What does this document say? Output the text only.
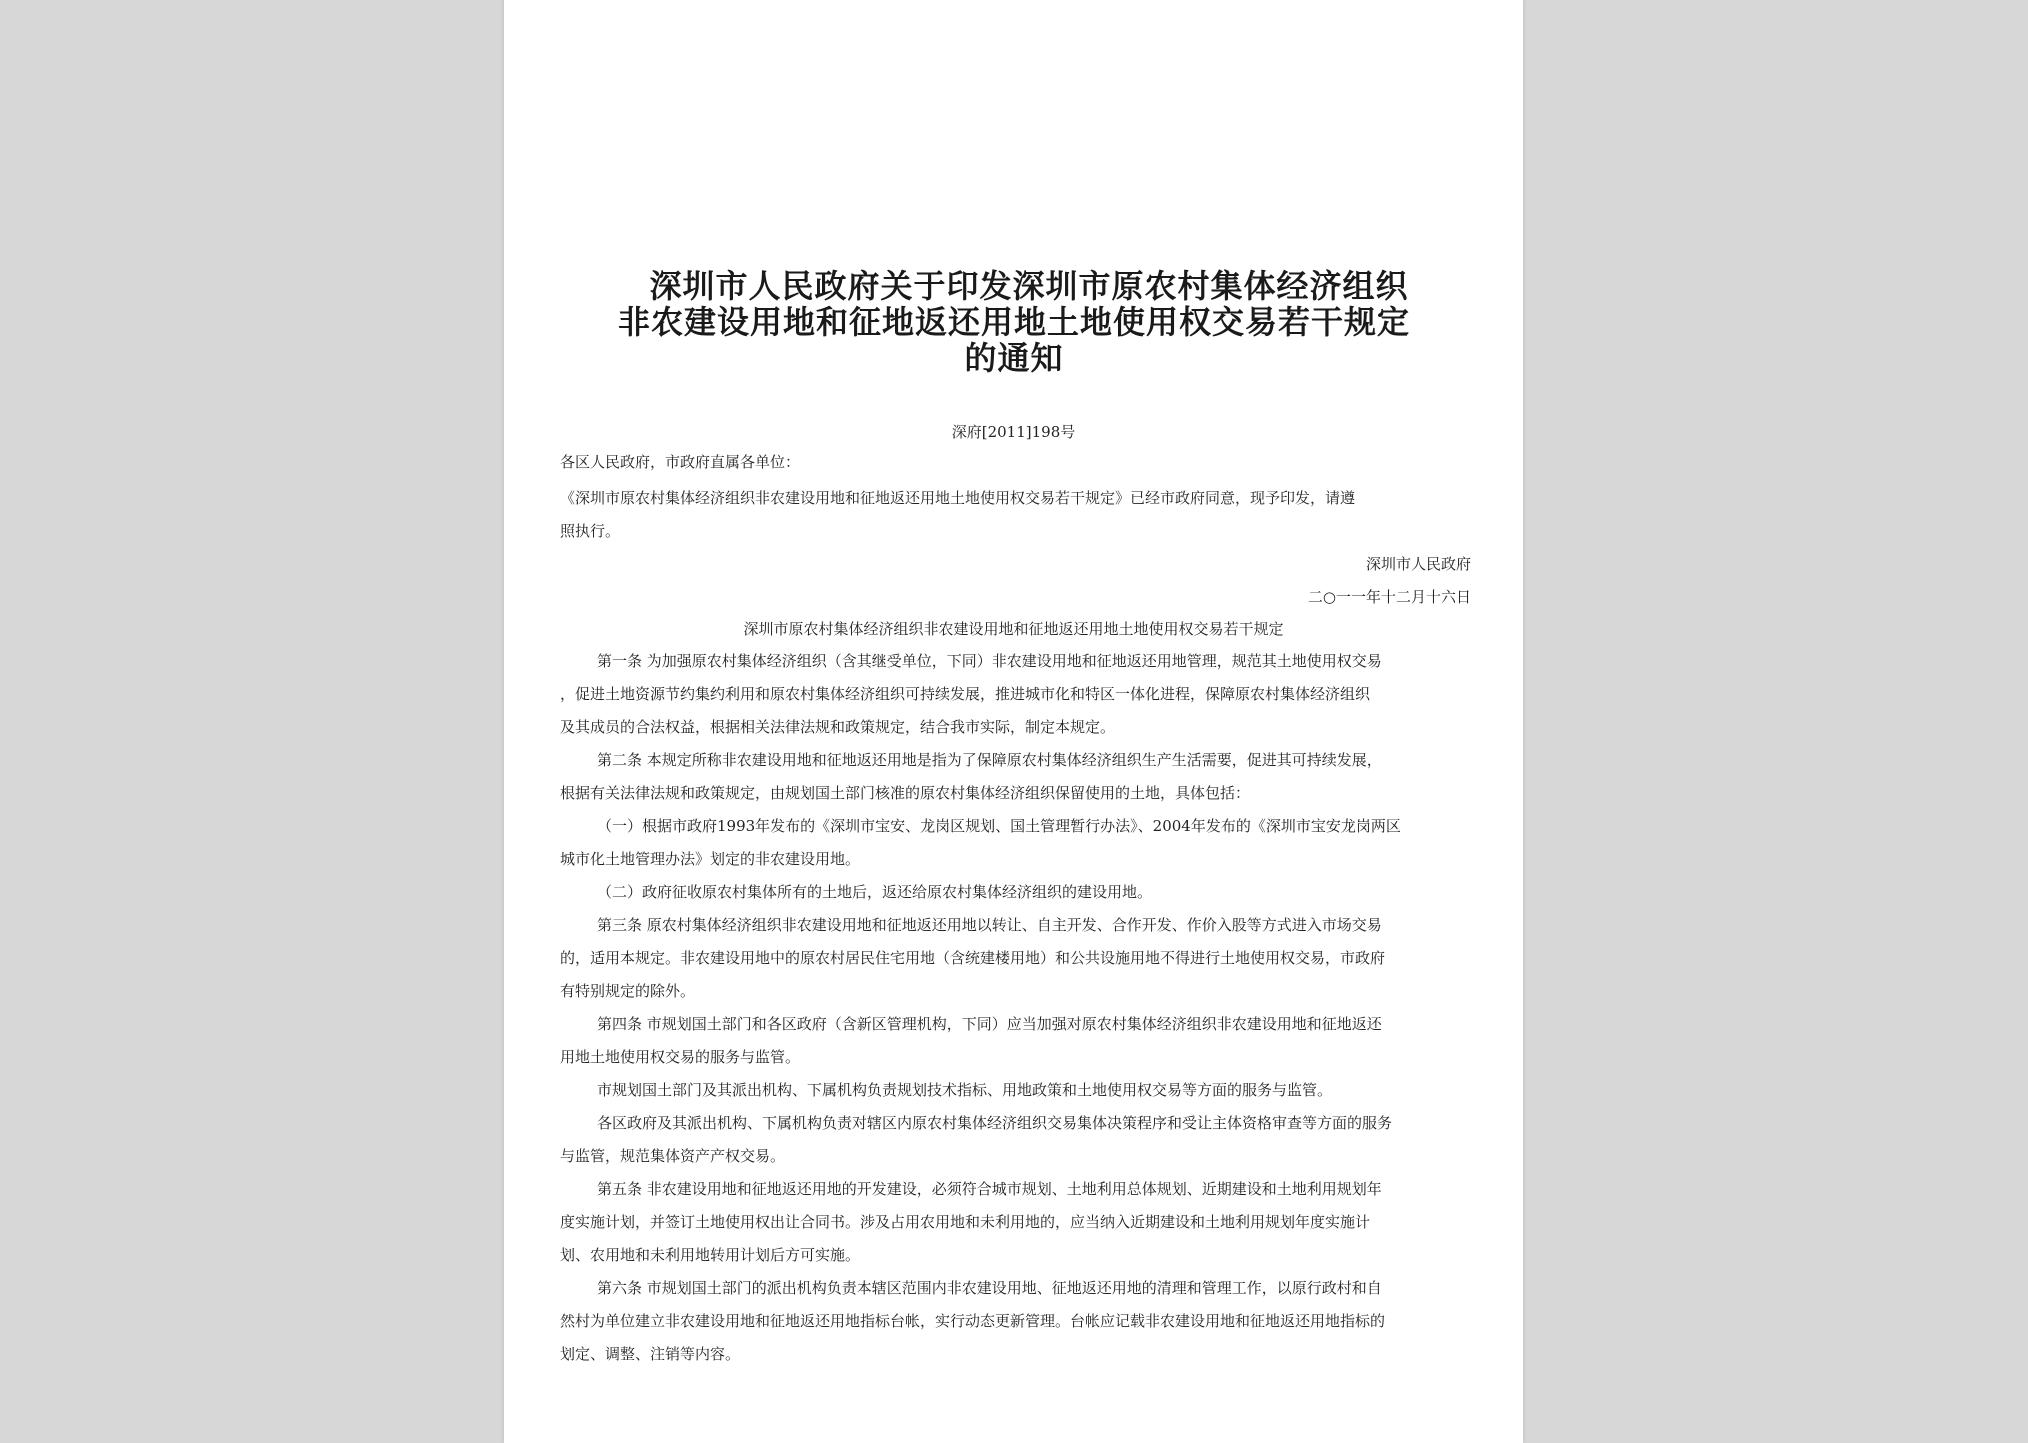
深圳市人民政府关于印发深圳市原农村集体经济组织
非农建设用地和征地返还用地土地使用权交易若干规定
的通知
深府[2011]198号
各区人民政府，市政府直属各单位：
《深圳市原农村集体经济组织非农建设用地和征地返还用地土地使用权交易若干规定》已经市政府同意，现予印发，请遵
照执行。
深圳市人民政府
二○一一年十二月十六日
深圳市原农村集体经济组织非农建设用地和征地返还用地土地使用权交易若干规定
第一条 为加强原农村集体经济组织（含其继受单位，下同）非农建设用地和征地返还用地管理，规范其土地使用权交易
，促进土地资源节约集约利用和原农村集体经济组织可持续发展，推进城市化和特区一体化进程，保障原农村集体经济组织
及其成员的合法权益，根据相关法律法规和政策规定，结合我市实际，制定本规定。
第二条 本规定所称非农建设用地和征地返还用地是指为了保障原农村集体经济组织生产生活需要，促进其可持续发展，
根据有关法律法规和政策规定，由规划国土部门核准的原农村集体经济组织保留使用的土地，具体包括：
（一）根据市政府1993年发布的《深圳市宝安、龙岗区规划、国土管理暂行办法》、2004年发布的《深圳市宝安龙岗两区
城市化土地管理办法》划定的非农建设用地。
（二）政府征收原农村集体所有的土地后，返还给原农村集体经济组织的建设用地。
第三条 原农村集体经济组织非农建设用地和征地返还用地以转让、自主开发、合作开发、作价入股等方式进入市场交易
的，适用本规定。非农建设用地中的原农村居民住宅用地（含统建楼用地）和公共设施用地不得进行土地使用权交易，市政府
有特别规定的除外。
第四条 市规划国土部门和各区政府（含新区管理机构，下同）应当加强对原农村集体经济组织非农建设用地和征地返还
用地土地使用权交易的服务与监管。
市规划国土部门及其派出机构、下属机构负责规划技术指标、用地政策和土地使用权交易等方面的服务与监管。
各区政府及其派出机构、下属机构负责对辖区内原农村集体经济组织交易集体决策程序和受让主体资格审查等方面的服务
与监管，规范集体资产产权交易。
第五条 非农建设用地和征地返还用地的开发建设，必须符合城市规划、土地利用总体规划、近期建设和土地利用规划年
度实施计划，并签订土地使用权出让合同书。涉及占用农用地和未利用地的，应当纳入近期建设和土地利用规划年度实施计
划、农用地和未利用地转用计划后方可实施。
第六条 市规划国土部门的派出机构负责本辖区范围内非农建设用地、征地返还用地的清理和管理工作，以原行政村和自
然村为单位建立非农建设用地和征地返还用地指标台帐，实行动态更新管理。台帐应记载非农建设用地和征地返还用地指标的
划定、调整、注销等内容。
